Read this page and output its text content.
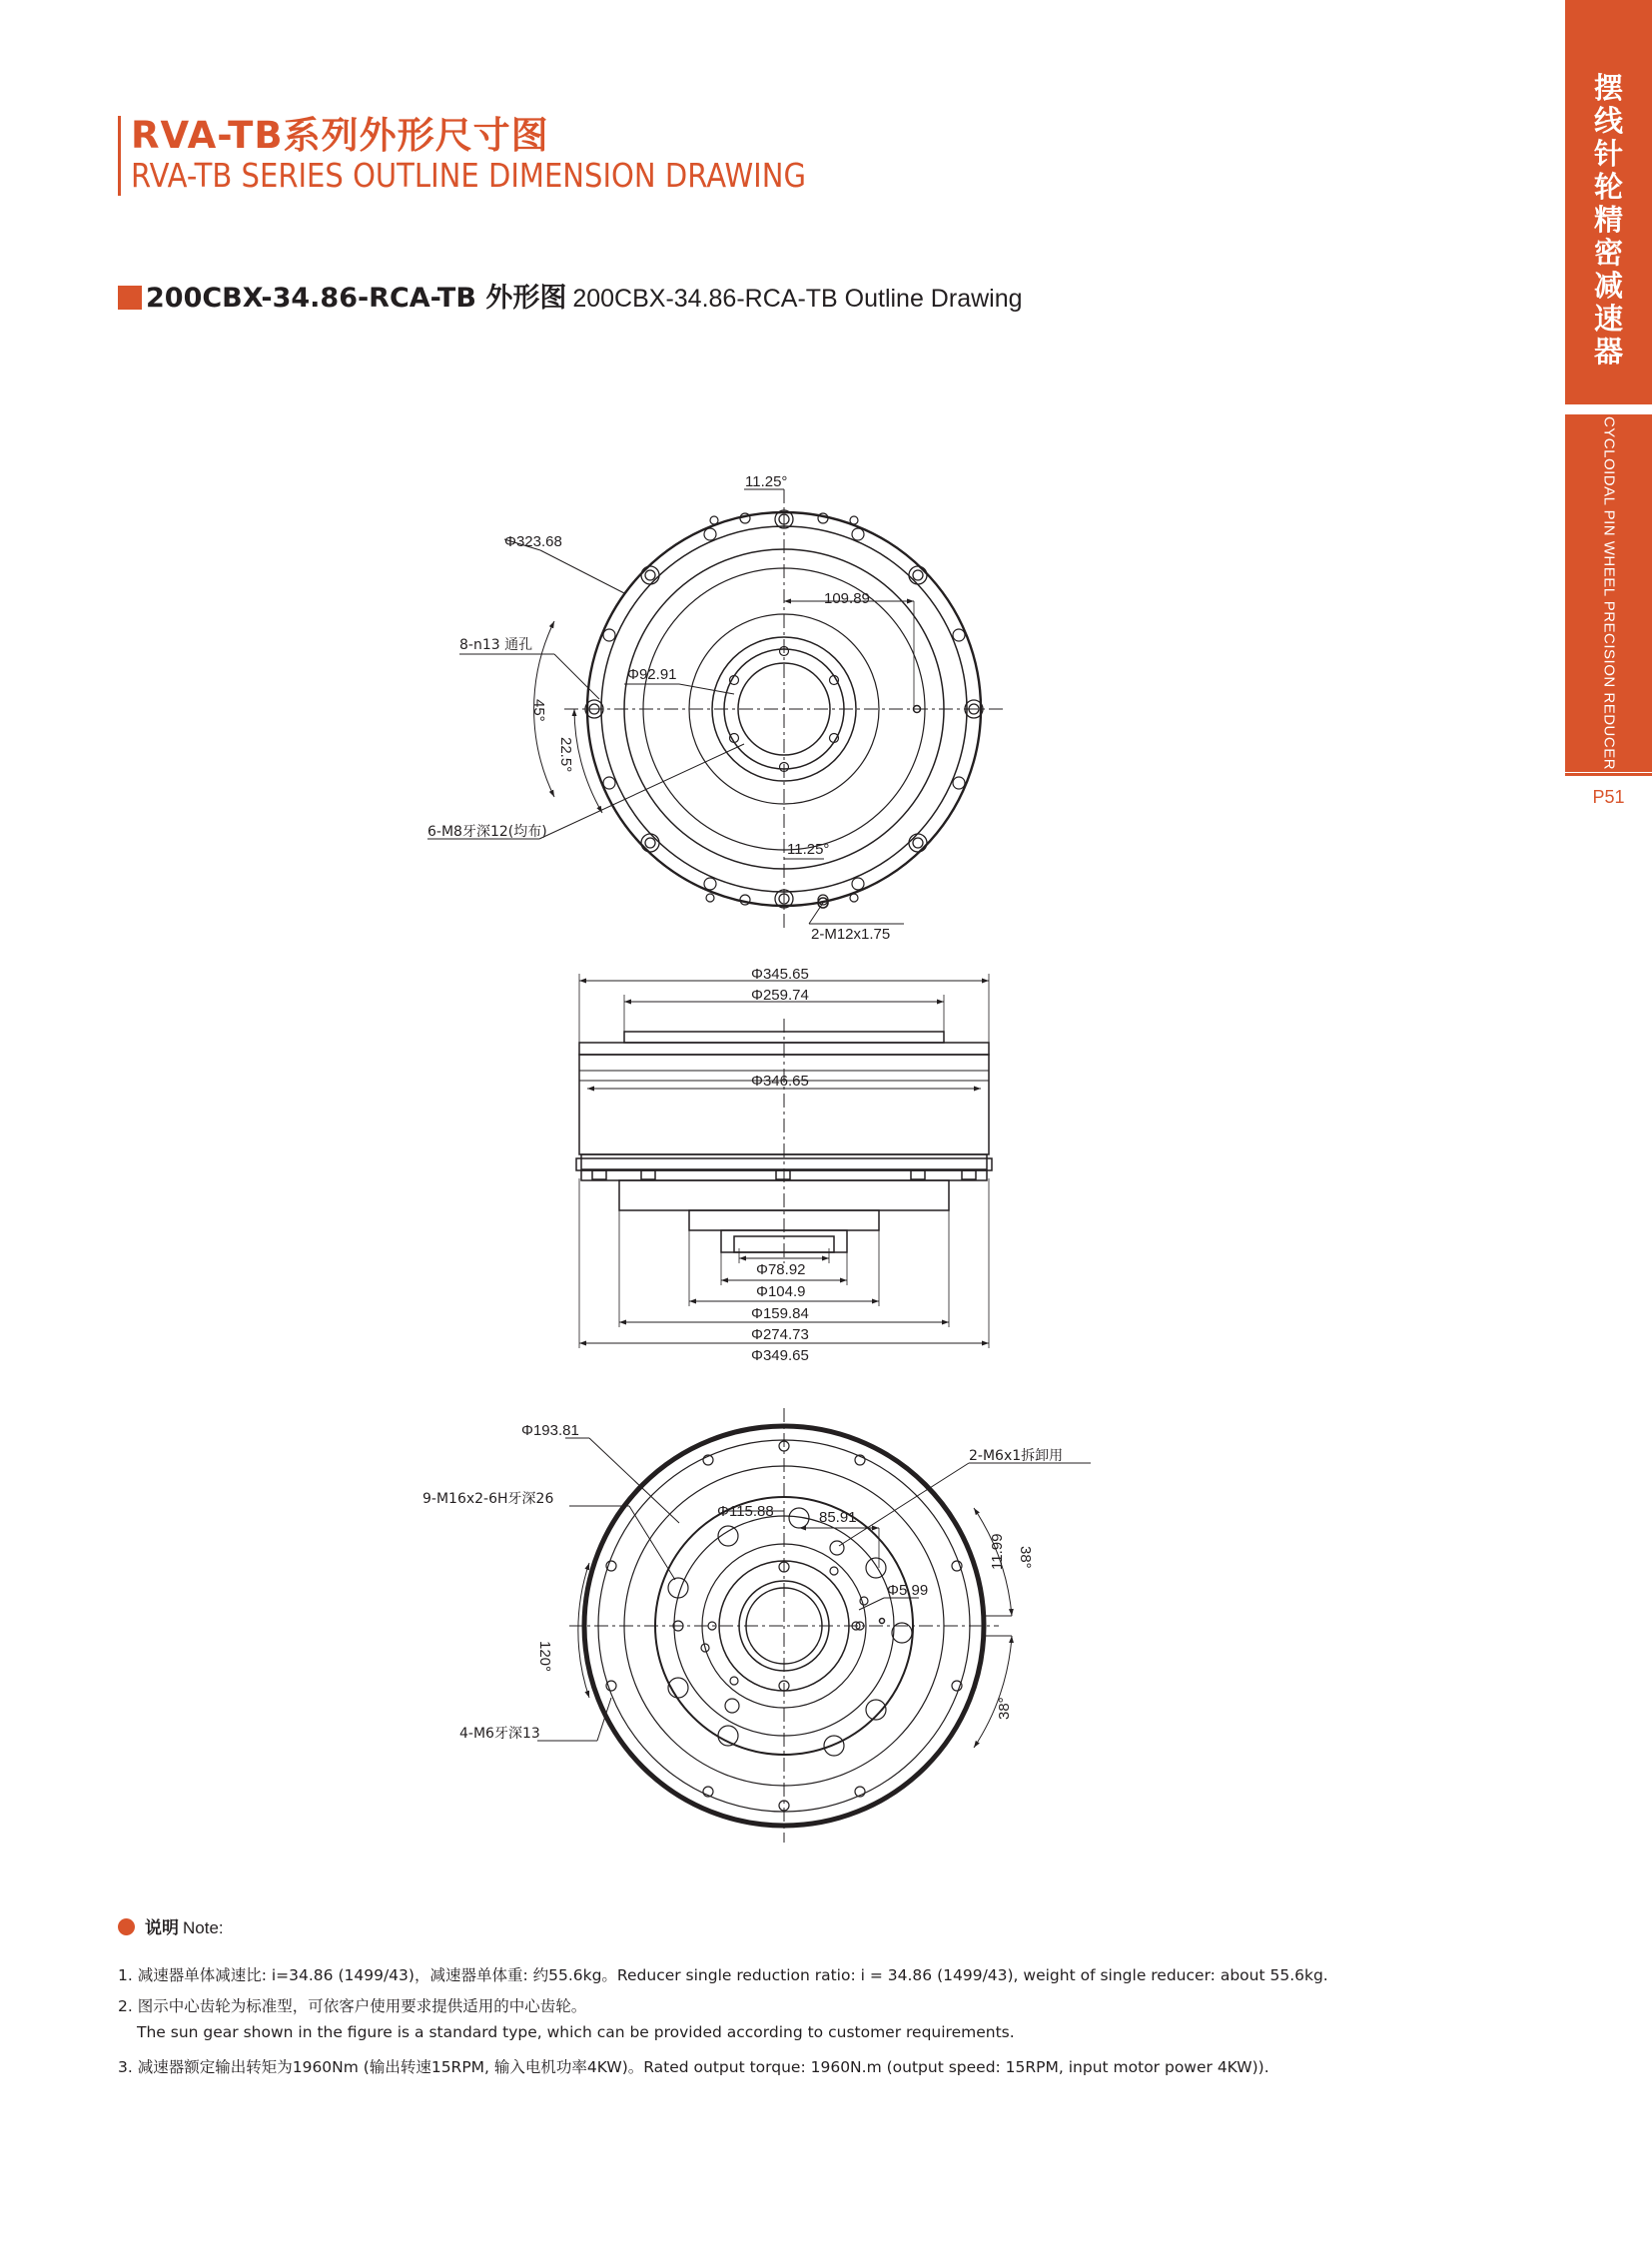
RVA-TB系列外形尺寸图
RVA-TB SERIES OUTLINE DIMENSION DRAWING
200CBX-34.86-RCA-TB 外形图 200CBX-34.86-RCA-TB Outline Drawing
摆
线
针
轮
精
密
减
速
器
CYCLOIDAL PIN WHEEL PRECISION REDUCER
P51
11.25°
Φ323.68
109.89
8-n13 通孔
Φ92.91
45°
22.5°
6-M8牙深12(均布)
11.25°
2-M12x1.75
Φ345.65
Φ259.74
Φ346.65
Φ78.92
Φ104.9
Φ159.84
Φ274.73
Φ349.65
Φ193.81
2-M6x1拆卸用
9-M16x2-6H牙深26
Φ115.88	85.91
38°
11.99
Φ5.99
120°
38°
4-M6牙深13
说明 Note:
1. 减速器单体减速比: i=34.86 (1499/43)，减速器单体重: 约55.6kg。Reducer single reduction ratio: i = 34.86 (1499/43), weight of single reducer: about 55.6kg.
2. 图示中心齿轮为标准型，可依客户使用要求提供适用的中心齿轮。
The sun gear shown in the figure is a standard type, which can be provided according to customer requirements.
3. 减速器额定输出转矩为1960Nm (输出转速15RPM, 输入电机功率4KW)。Rated output torque: 1960N.m (output speed: 15RPM, input motor power 4KW)).
